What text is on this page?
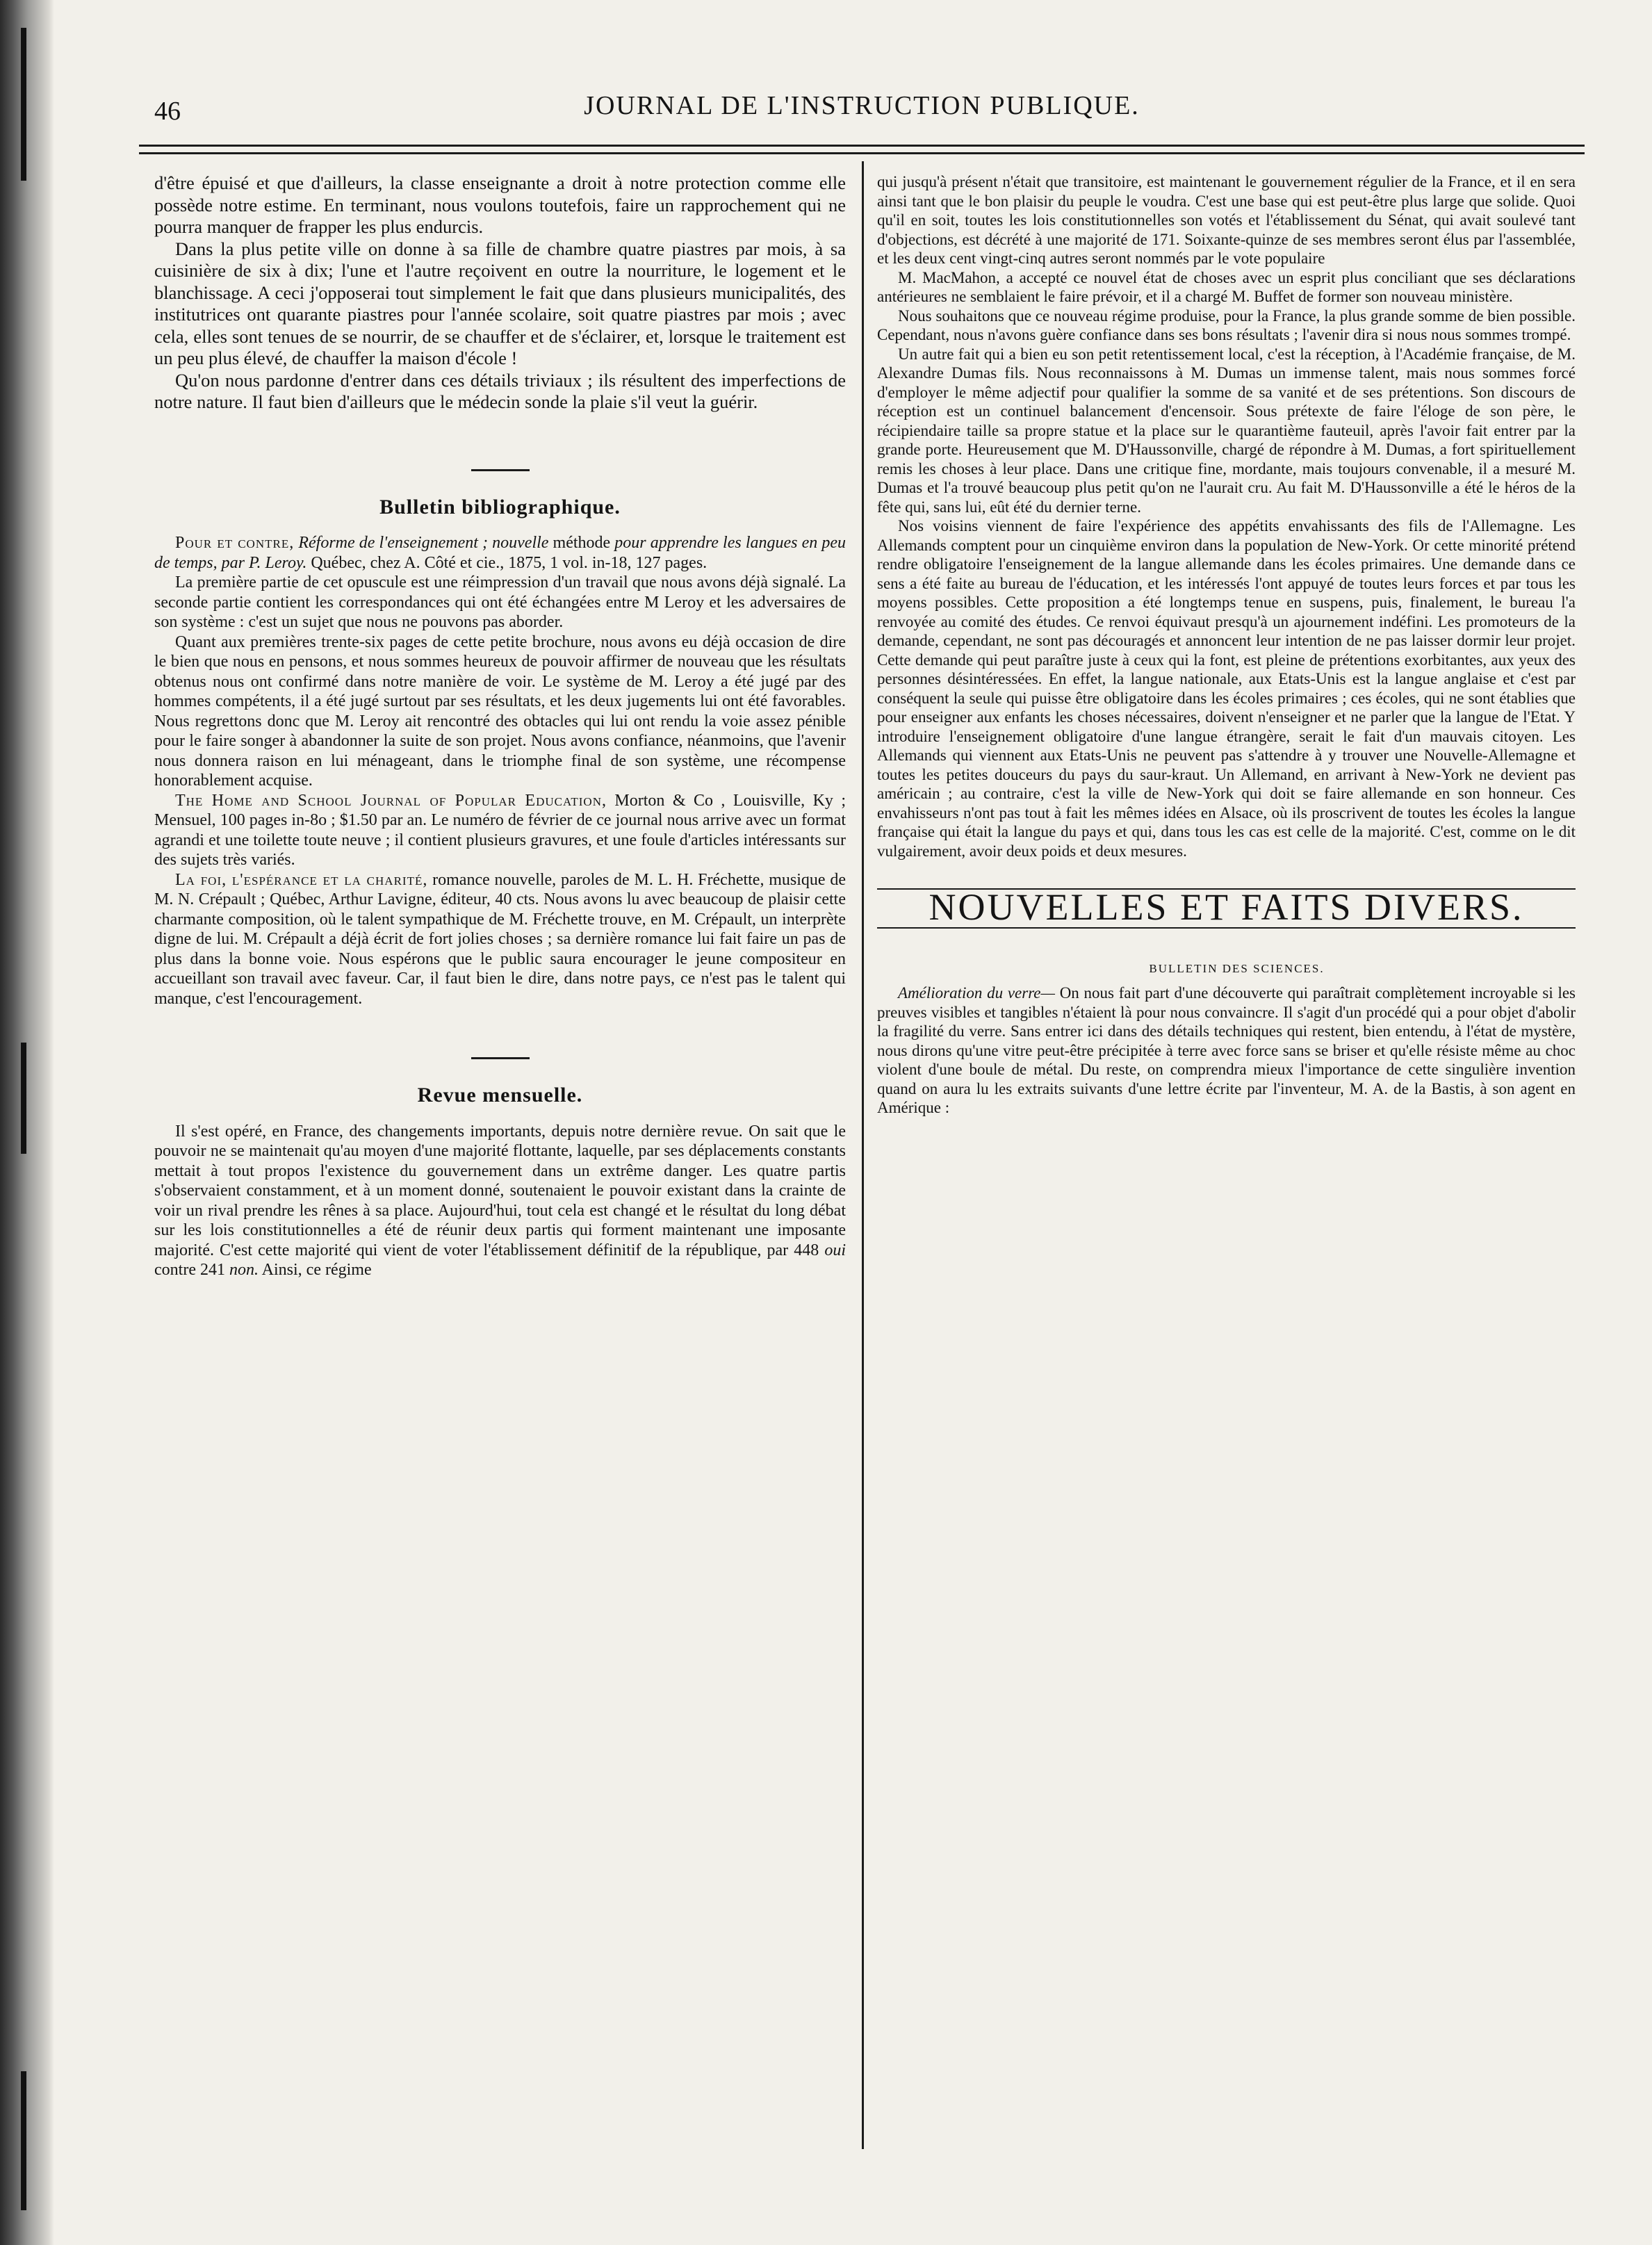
46	JOURNAL DE L'INSTRUCTION PUBLIQUE.

d'être épuisé et que d'ailleurs, la classe enseignante a droit à notre protection comme elle possède notre estime. En terminant, nous voulons toutefois, faire un rapprochement qui ne pourra manquer de frapper les plus endurcis.

Dans la plus petite ville on donne à sa fille de chambre quatre piastres par mois, à sa cuisinière de six à dix; l'une et l'autre reçoivent en outre la nourriture, le logement et le blanchissage. A ceci j'opposerai tout simplement le fait que dans plusieurs municipalités, des institutrices ont quarante piastres pour l'année scolaire, soit quatre piastres par mois ; avec cela, elles sont tenues de se nourrir, de se chauffer et de s'éclairer, et, lorsque le traitement est un peu plus élevé, de chauffer la maison d'école !

Qu'on nous pardonne d'entrer dans ces détails triviaux ; ils résultent des imperfections de notre nature. Il faut bien d'ailleurs que le médecin sonde la plaie s'il veut la guérir.

Bulletin bibliographique.

Pour et contre, Réforme de l'enseignement ; nouvelle méthode pour apprendre les langues en peu de temps, par P. Leroy. Québec, chez A. Côté et cie., 1875, 1 vol. in-18, 127 pages.

La première partie de cet opuscule est une réimpression d'un travail que nous avons déjà signalé. La seconde partie contient les correspondances qui ont été échangées entre M Leroy et les adversaires de son système : c'est un sujet que nous ne pouvons pas aborder.

Quant aux premières trente-six pages de cette petite brochure, nous avons eu déjà occasion de dire le bien que nous en pensons, et nous sommes heureux de pouvoir affirmer de nouveau que les résultats obtenus nous ont confirmé dans notre manière de voir. Le système de M. Leroy a été jugé par des hommes compétents, il a été jugé surtout par ses résultats, et les deux jugements lui ont été favorables. Nous regrettons donc que M. Leroy ait rencontré des obtacles qui lui ont rendu la voie assez pénible pour le faire songer à abandonner la suite de son projet. Nous avons confiance, néanmoins, que l'avenir nous donnera raison en lui ménageant, dans le triomphe final de son système, une récompense honorablement acquise.

The Home and School Journal of Popular Education, Morton & Co , Louisville, Ky ; Mensuel, 100 pages in-8o ; $1.50 par an. Le numéro de février de ce journal nous arrive avec un format agrandi et une toilette toute neuve ; il contient plusieurs gravures, et une foule d'articles intéressants sur des sujets très variés.

La foi, l'espérance et la charité, romance nouvelle, paroles de M. L. H. Fréchette, musique de M. N. Crépault ; Québec, Arthur Lavigne, éditeur, 40 cts. Nous avons lu avec beaucoup de plaisir cette charmante composition, où le talent sympathique de M. Fréchette trouve, en M. Crépault, un interprète digne de lui. M. Crépault a déjà écrit de fort jolies choses ; sa dernière romance lui fait faire un pas de plus dans la bonne voie. Nous espérons que le public saura encourager le jeune compositeur en accueillant son travail avec faveur. Car, il faut bien le dire, dans notre pays, ce n'est pas le talent qui manque, c'est l'encouragement.

Revue mensuelle.

Il s'est opéré, en France, des changements importants, depuis notre dernière revue. On sait que le pouvoir ne se maintenait qu'au moyen d'une majorité flottante, laquelle, par ses déplacements constants mettait à tout propos l'existence du gouvernement dans un extrême danger. Les quatre partis s'observaient constamment, et à un moment donné, soutenaient le pouvoir existant dans la crainte de voir un rival prendre les rênes à sa place. Aujourd'hui, tout cela est changé et le résultat du long débat sur les lois constitutionnelles a été de réunir deux partis qui forment maintenant une imposante majorité. C'est cette majorité qui vient de voter l'établissement définitif de la république, par 448 oui contre 241 non. Ainsi, ce régime

qui jusqu'à présent n'était que transitoire, est maintenant le gouvernement régulier de la France, et il en sera ainsi tant que le bon plaisir du peuple le voudra. C'est une base qui est peut-être plus large que solide. Quoi qu'il en soit, toutes les lois constitutionnelles son votés et l'établissement du Sénat, qui avait soulevé tant d'objections, est décrété à une majorité de 171. Soixante-quinze de ses membres seront élus par l'assemblée, et les deux cent vingt-cinq autres seront nommés par le vote populaire

M. MacMahon, a accepté ce nouvel état de choses avec un esprit plus conciliant que ses déclarations antérieures ne semblaient le faire prévoir, et il a chargé M. Buffet de former son nouveau ministère.

Nous souhaitons que ce nouveau régime produise, pour la France, la plus grande somme de bien possible. Cependant, nous n'avons guère confiance dans ses bons résultats ; l'avenir dira si nous nous sommes trompé.

Un autre fait qui a bien eu son petit retentissement local, c'est la réception, à l'Académie française, de M. Alexandre Dumas fils. Nous reconnaissons à M. Dumas un immense talent, mais nous sommes forcé d'employer le même adjectif pour qualifier la somme de sa vanité et de ses prétentions. Son discours de réception est un continuel balancement d'encensoir. Sous prétexte de faire l'éloge de son père, le récipiendaire taille sa propre statue et la place sur le quarantième fauteuil, après l'avoir fait entrer par la grande porte. Heureusement que M. D'Haussonville, chargé de répondre à M. Dumas, a fort spirituellement remis les choses à leur place. Dans une critique fine, mordante, mais toujours convenable, il a mesuré M. Dumas et l'a trouvé beaucoup plus petit qu'on ne l'aurait cru. Au fait M. D'Haussonville a été le héros de la fête qui, sans lui, eût été du dernier terne.

Nos voisins viennent de faire l'expérience des appétits envahissants des fils de l'Allemagne. Les Allemands comptent pour un cinquième environ dans la population de New-York. Or cette minorité prétend rendre obligatoire l'enseignement de la langue allemande dans les écoles primaires. Une demande dans ce sens a été faite au bureau de l'éducation, et les intéressés l'ont appuyé de toutes leurs forces et par tous les moyens possibles. Cette proposition a été longtemps tenue en suspens, puis, finalement, le bureau l'a renvoyée au comité des études. Ce renvoi équivaut presqu'à un ajournement indéfini. Les promoteurs de la demande, cependant, ne sont pas découragés et annoncent leur intention de ne pas laisser dormir leur projet. Cette demande qui peut paraître juste à ceux qui la font, est pleine de prétentions exorbitantes, aux yeux des personnes désintéressées. En effet, la langue nationale, aux Etats-Unis est la langue anglaise et c'est par conséquent la seule qui puisse être obligatoire dans les écoles primaires ; ces écoles, qui ne sont établies que pour enseigner aux enfants les choses nécessaires, doivent n'enseigner et ne parler que la langue de l'Etat. Y introduire l'enseignement obligatoire d'une langue étrangère, serait le fait d'un mauvais citoyen. Les Allemands qui viennent aux Etats-Unis ne peuvent pas s'attendre à y trouver une Nouvelle-Allemagne et toutes les petites douceurs du pays du saur-kraut. Un Allemand, en arrivant à New-York ne devient pas américain ; au contraire, c'est la ville de New-York qui doit se faire allemande en son honneur. Ces envahisseurs n'ont pas tout à fait les mêmes idées en Alsace, où ils proscrivent de toutes les écoles la langue française qui était la langue du pays et qui, dans tous les cas est celle de la majorité. C'est, comme on le dit vulgairement, avoir deux poids et deux mesures.

NOUVELLES ET FAITS DIVERS.

BULLETIN DES SCIENCES.

Amélioration du verre— On nous fait part d'une découverte qui paraîtrait complètement incroyable si les preuves visibles et tangibles n'étaient là pour nous convaincre. Il s'agit d'un procédé qui a pour objet d'abolir la fragilité du verre. Sans entrer ici dans des détails techniques qui restent, bien entendu, à l'état de mystère, nous dirons qu'une vitre peut-être précipitée à terre avec force sans se briser et qu'elle résiste même au choc violent d'une boule de métal. Du reste, on comprendra mieux l'importance de cette singulière invention quand on aura lu les extraits suivants d'une lettre écrite par l'inventeur, M. A. de la Bastis, à son agent en Amérique :
